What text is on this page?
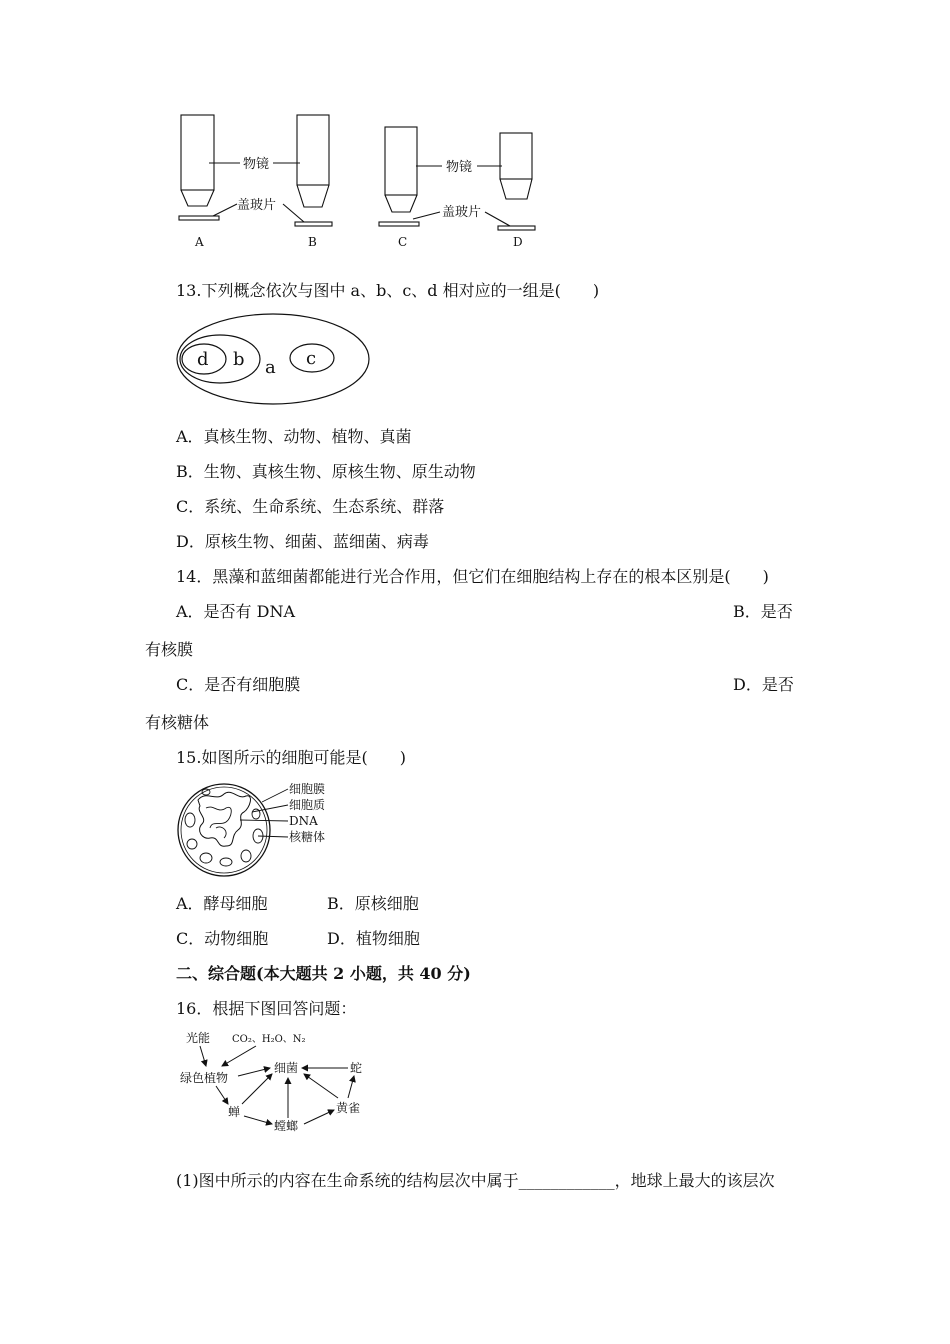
物镜	物镜
盖玻片	盖玻片
A	B	C	D
13.下列概念依次与图中 a、b、c、d 相对应的一组是(　　)
d b a c
A．真核生物、动物、植物、真菌
B．生物、真核生物、原核生物、原生动物
C．系统、生命系统、生态系统、群落
D．原核生物、细菌、蓝细菌、病毒
14．黑藻和蓝细菌都能进行光合作用，但它们在细胞结构上存在的根本区别是(　　)
A．是否有 DNA	B．是否
有核膜
C．是否有细胞膜	D．是否
有核糖体
15.如图所示的细胞可能是(　　)
细胞膜
细胞质
DNA
核糖体
A．酵母细胞	B．原核细胞
C．动物细胞	D．植物细胞
二、综合题(本大题共 2 小题，共 40 分)
16．根据下图回答问题：
光能 CO₂、H₂O、N₂
绿色植物
细菌	蛇
蝉	黄雀
螳螂
(1)图中所示的内容在生命系统的结构层次中属于____________，地球上最大的该层次
